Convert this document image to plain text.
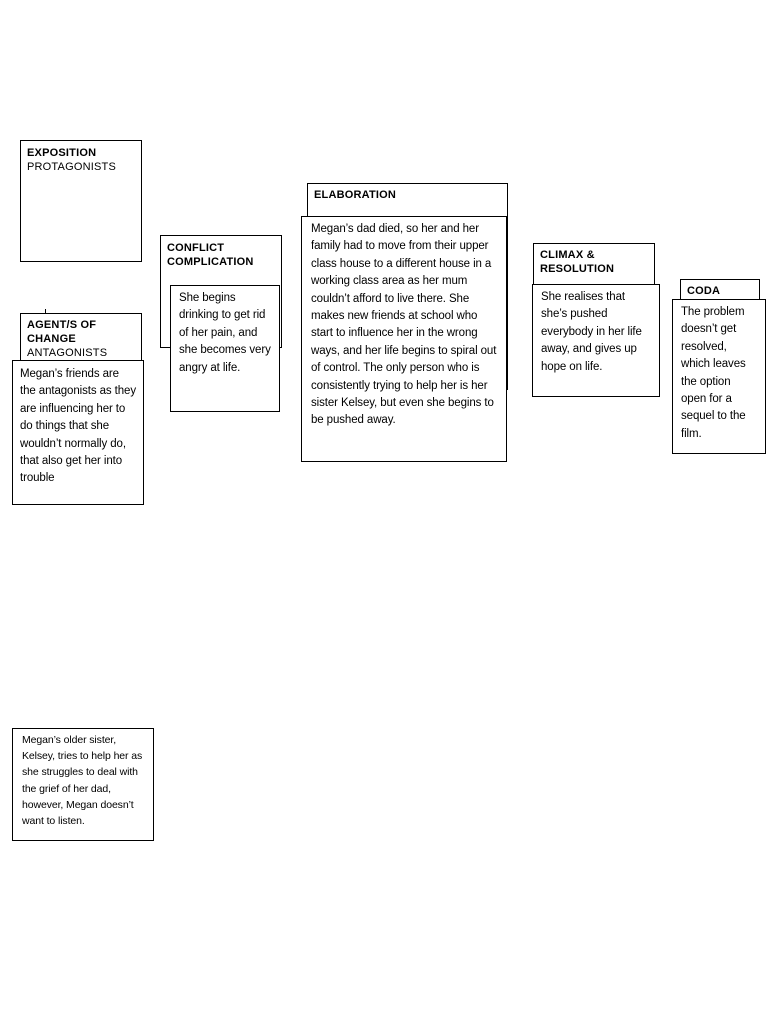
EXPOSITION
PROTAGONISTS
AGENT/S OF CHANGE
ANTAGONISTS
Megan’s friends are the antagonists as they are influencing her to do things that she wouldn’t normally do, that also get her into trouble
CONFLICT COMPLICATION
She begins drinking to get rid of her pain, and she becomes very angry at life.
ELABORATION
Megan’s dad died, so her and her family had to move from their upper class house to a different house in a working class area as her mum couldn’t afford to live there. She makes new friends at school who start to influence her in the wrong ways, and her life begins to spiral out of control. The only person who is consistently trying to help her is her sister Kelsey, but even she begins to be pushed away.
CLIMAX & RESOLUTION
She realises that she’s pushed everybody in her life away, and gives up hope on life.
CODA
The problem doesn’t get resolved, which leaves the option open for a sequel to the film.
Megan’s older sister, Kelsey, tries to help her as she struggles to deal with the grief of her dad, however, Megan doesn’t want to listen.
